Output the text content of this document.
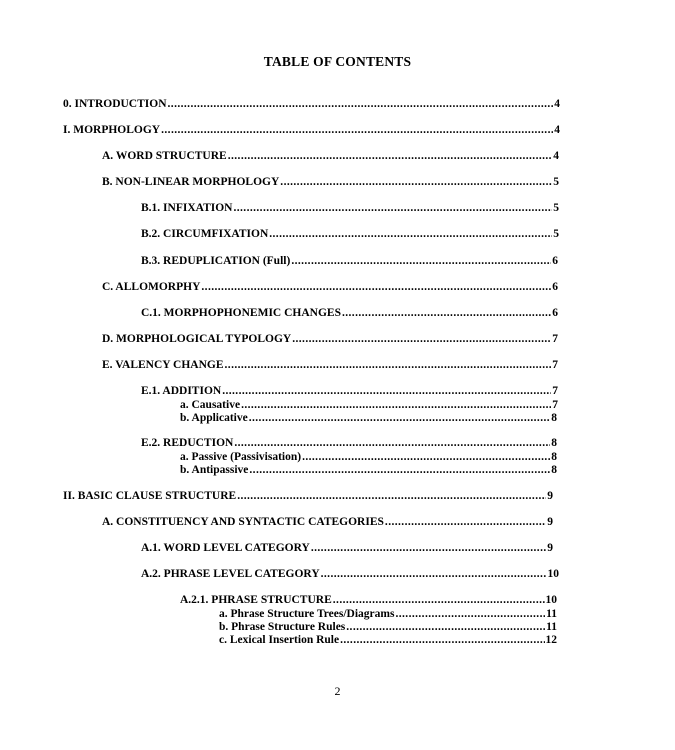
TABLE OF CONTENTS
0. INTRODUCTION .....	4
I. MORPHOLOGY .....	4
A. WORD STRUCTURE .....	4
B. NON-LINEAR MORPHOLOGY .....	5
B.1. INFIXATION .....	5
B.2. CIRCUMFIXATION .....	5
B.3. REDUPLICATION (Full) .....	6
C. ALLOMORPHY .....	6
C.1. MORPHOPHONEMIC CHANGES .....	6
D. MORPHOLOGICAL TYPOLOGY .....	7
E. VALENCY CHANGE .....	7
E.1. ADDITION .....	7
a. Causative .....	7
b. Applicative .....	8
E.2. REDUCTION .....	8
a. Passive (Passivisation) .....	8
b. Antipassive .....	8
II. BASIC CLAUSE STRUCTURE .....	9
A. CONSTITUENCY AND SYNTACTIC CATEGORIES .....	9
A.1. WORD LEVEL CATEGORY .....	9
A.2. PHRASE LEVEL CATEGORY .....	10
A.2.1. PHRASE STRUCTURE .....	10
a. Phrase Structure Trees/Diagrams .....	11
b. Phrase Structure Rules .....	11
c. Lexical Insertion Rule .....	12
2
